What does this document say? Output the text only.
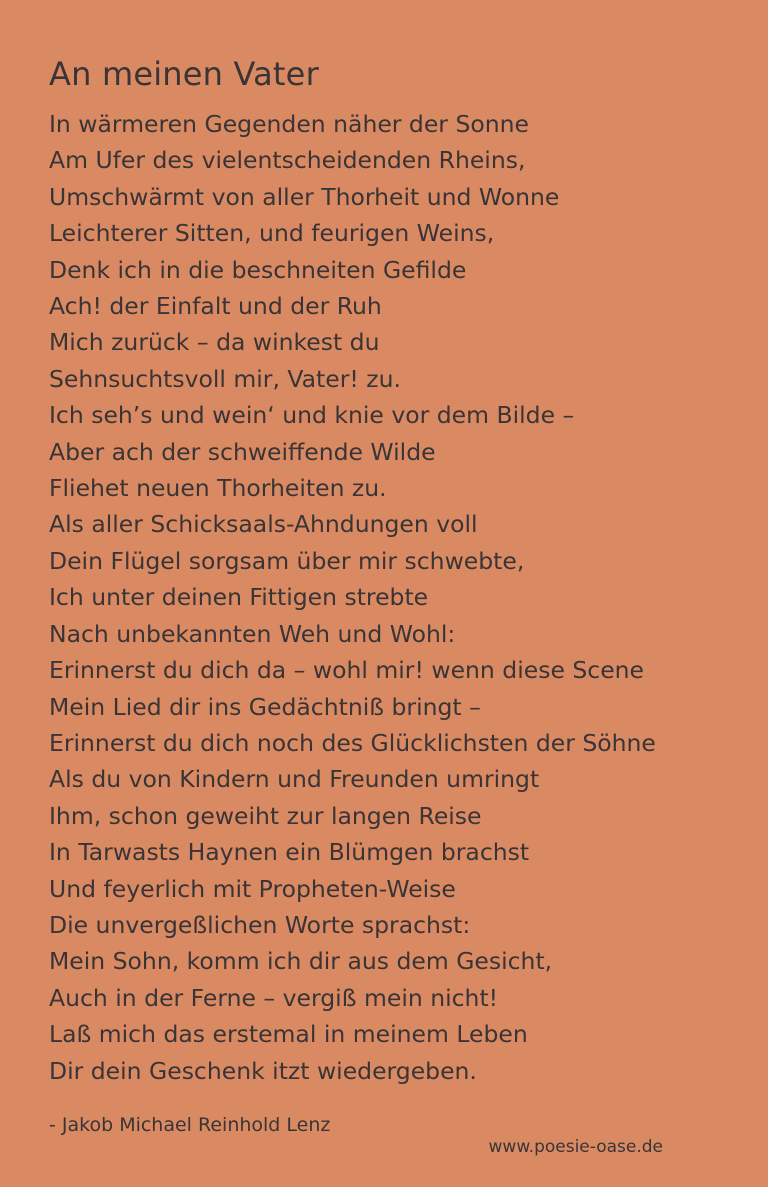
An meinen Vater
In wärmeren Gegenden näher der Sonne
Am Ufer des vielentscheidenden Rheins,
Umschwärmt von aller Thorheit und Wonne
Leichterer Sitten, und feurigen Weins,
Denk ich in die beschneiten Gefilde
Ach! der Einfalt und der Ruh
Mich zurück – da winkest du
Sehnsuchtsvoll mir, Vater! zu.
Ich seh’s und wein‘ und knie vor dem Bilde –
Aber ach der schweiffende Wilde
Fliehet neuen Thorheiten zu.
Als aller Schicksaals-Ahndungen voll
Dein Flügel sorgsam über mir schwebte,
Ich unter deinen Fittigen strebte
Nach unbekannten Weh und Wohl:
Erinnerst du dich da – wohl mir! wenn diese Scene
Mein Lied dir ins Gedächtniß bringt –
Erinnerst du dich noch des Glücklichsten der Söhne
Als du von Kindern und Freunden umringt
Ihm, schon geweiht zur langen Reise
In Tarwasts Haynen ein Blümgen brachst
Und feyerlich mit Propheten-Weise
Die unvergeßlichen Worte sprachst:
Mein Sohn, komm ich dir aus dem Gesicht,
Auch in der Ferne – vergiß mein nicht!
Laß mich das erstemal in meinem Leben
Dir dein Geschenk itzt wiedergeben.
- Jakob Michael Reinhold Lenz
www.poesie-oase.de
